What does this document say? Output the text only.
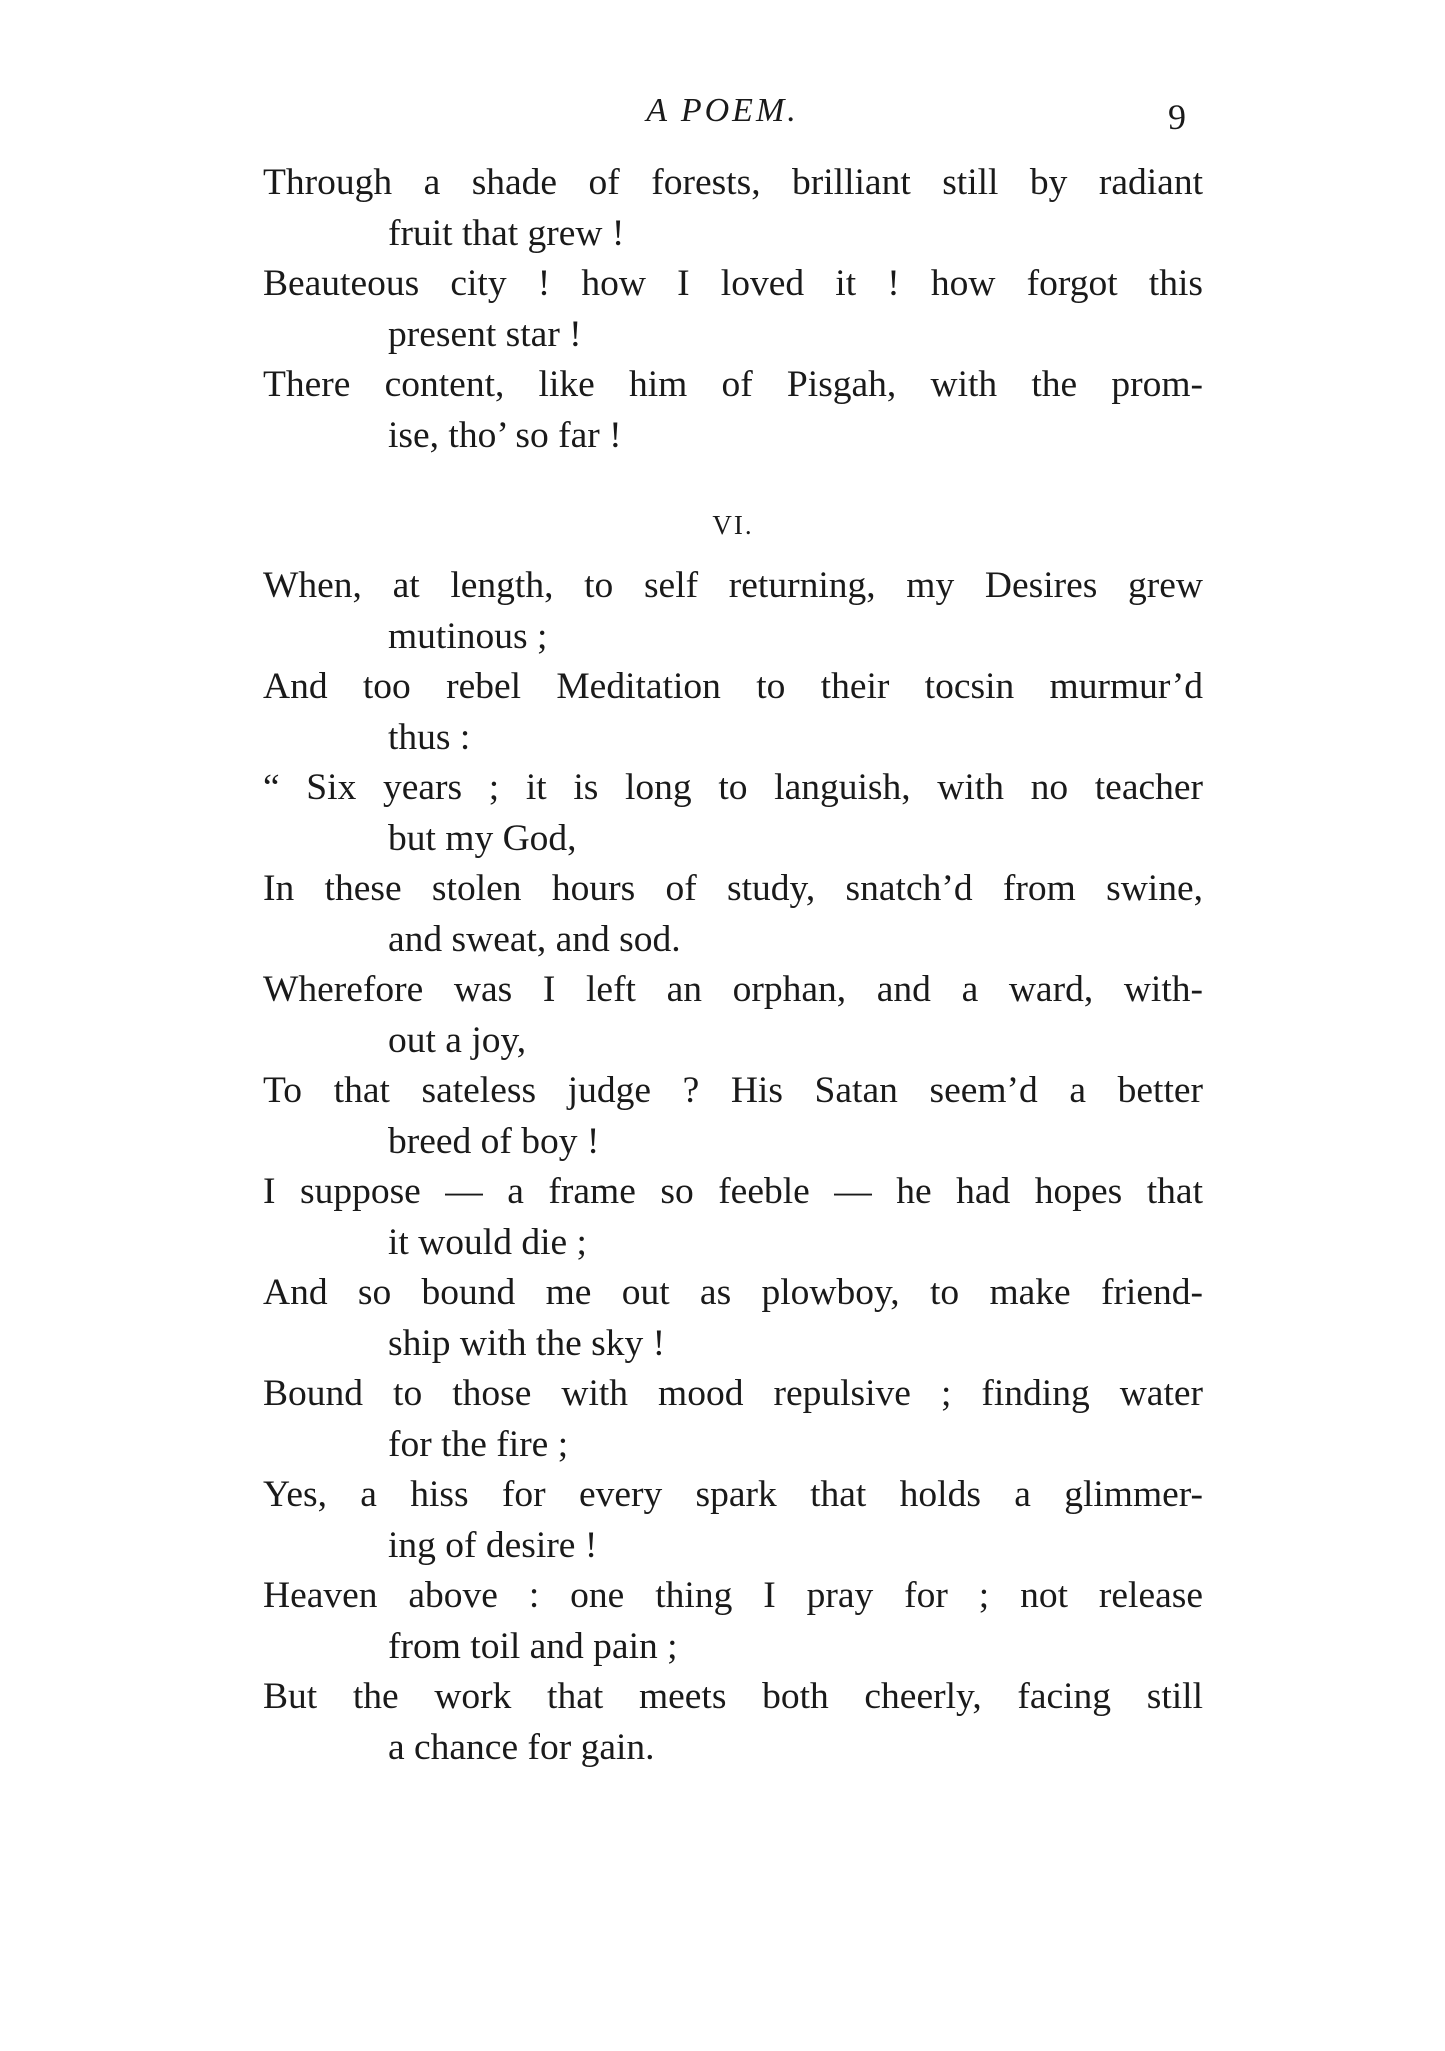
A POEM.	9

Through a shade of forests, brilliant still by radiant
fruit that grew !

Beauteous city ! how I loved it ! how forgot this
present star !

There content, like him of Pisgah, with the prom-
ise, tho’ so far !

VI.

When, at length, to self returning, my Desires grew
mutinous ;

And too rebel Meditation to their tocsin murmur’d
thus :

“ Six years ; it is long to languish, with no teacher
but my God,

In these stolen hours of study, snatch’d from swine,
and sweat, and sod.

Wherefore was I left an orphan, and a ward, with-
out a joy,

To that sateless judge ? His Satan seem’d a better
breed of boy !

I suppose — a frame so feeble — he had hopes that
it would die ;

And so bound me out as plowboy, to make friend-
ship with the sky !

Bound to those with mood repulsive ; finding water
for the fire ;

Yes, a hiss for every spark that holds a glimmer-
ing of desire !

Heaven above : one thing I pray for ; not release
from toil and pain ;

But the work that meets both cheerly, facing still
a chance for gain.
